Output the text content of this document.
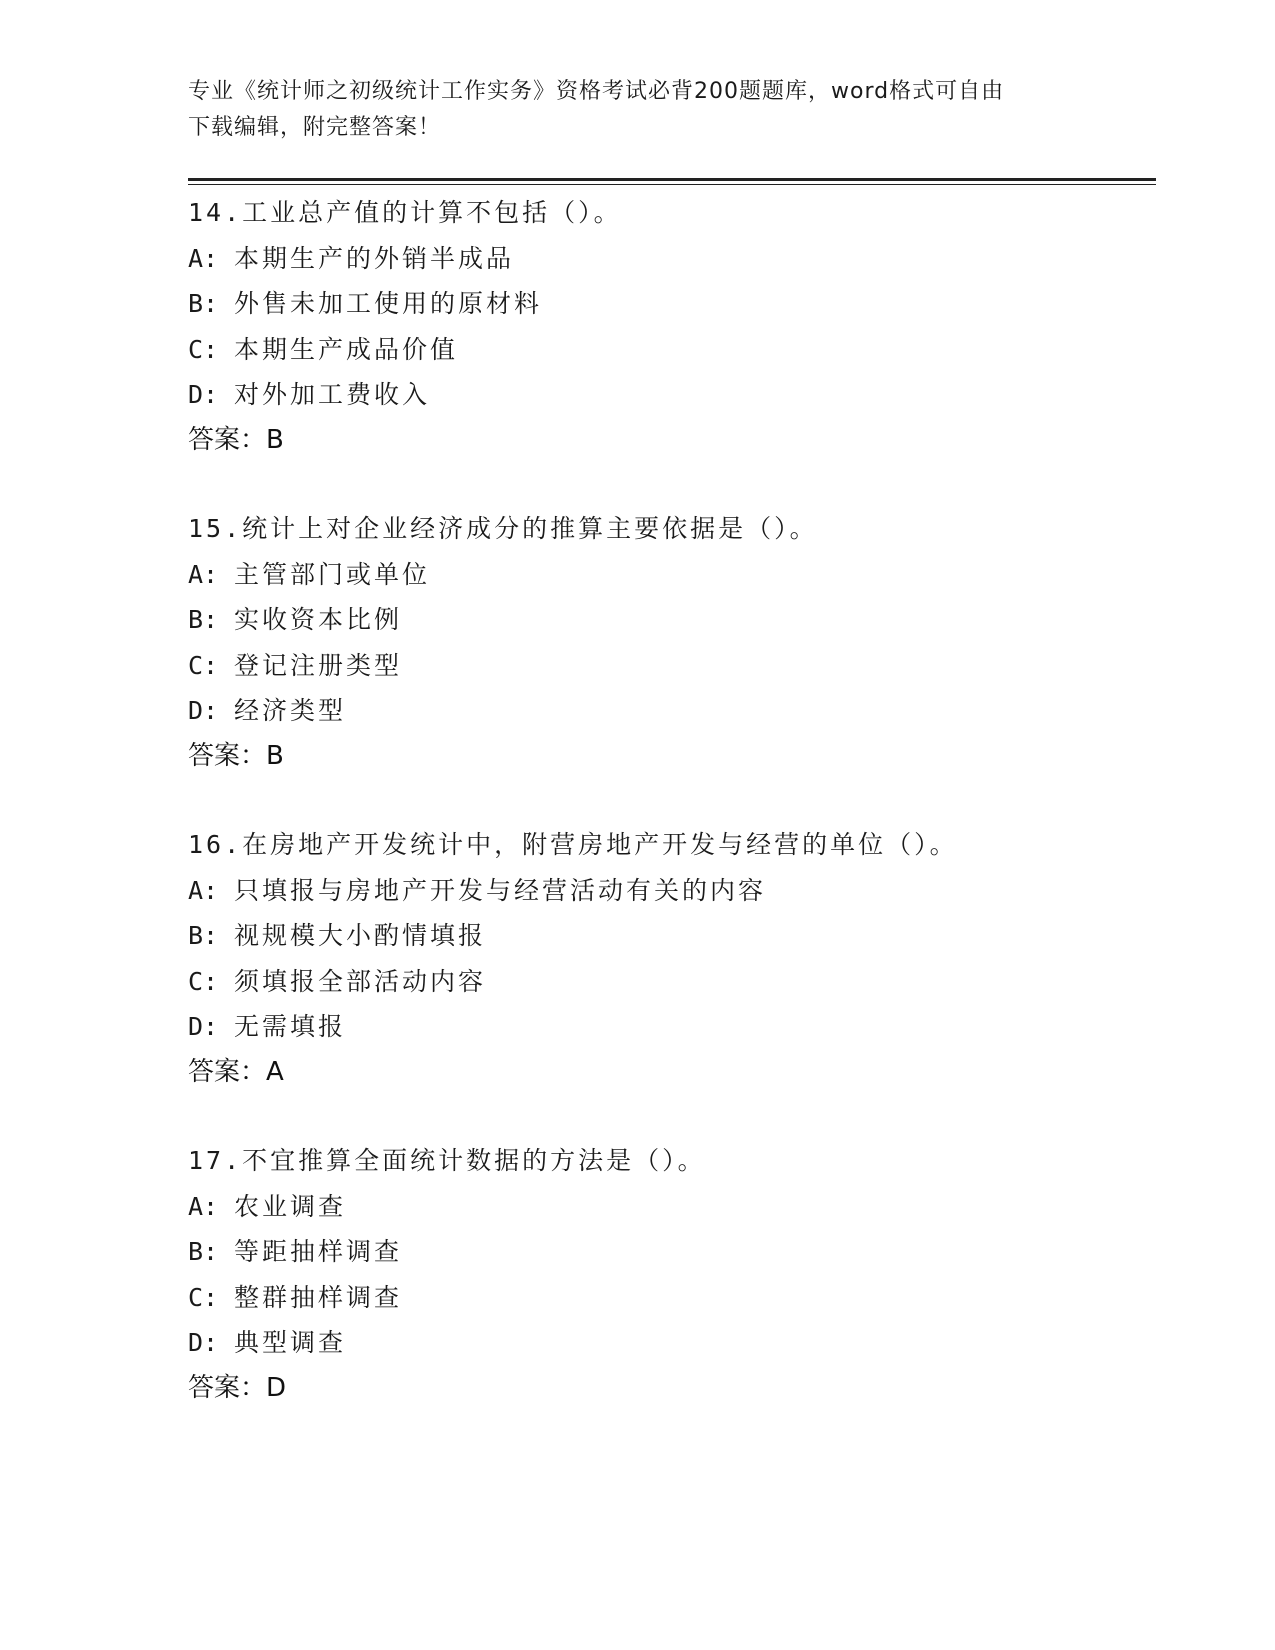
专业《统计师之初级统计工作实务》资格考试必背200题题库，word格式可自由
下载编辑，附完整答案！
14.工业总产值的计算不包括（）。
A: 本期生产的外销半成品
B: 外售未加工使用的原材料
C: 本期生产成品价值
D: 对外加工费收入
答案：B
15.统计上对企业经济成分的推算主要依据是（）。
A: 主管部门或单位
B: 实收资本比例
C: 登记注册类型
D: 经济类型
答案：B
16.在房地产开发统计中，附营房地产开发与经营的单位（）。
A: 只填报与房地产开发与经营活动有关的内容
B: 视规模大小酌情填报
C: 须填报全部活动内容
D: 无需填报
答案：A
17.不宜推算全面统计数据的方法是（）。
A: 农业调查
B: 等距抽样调查
C: 整群抽样调查
D: 典型调查
答案：D
